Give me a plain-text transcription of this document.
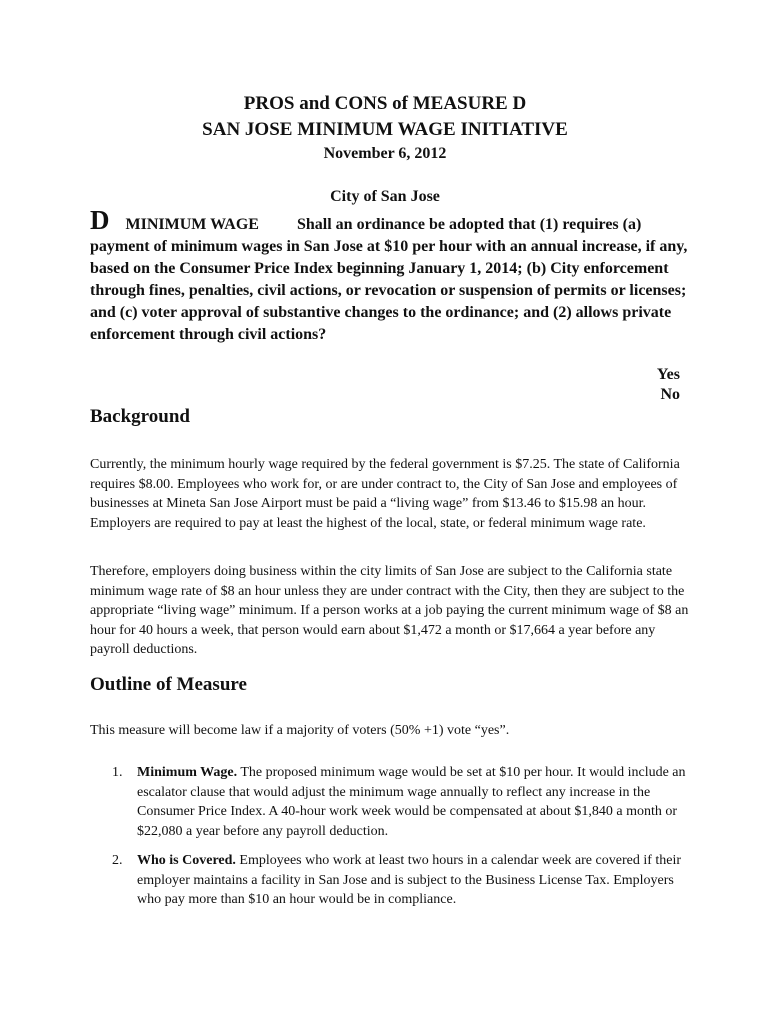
PROS and CONS of MEASURE D
SAN JOSE MINIMUM WAGE INITIATIVE
November 6, 2012
City of San Jose
D MINIMUM WAGE Shall an ordinance be adopted that (1) requires (a) payment of minimum wages in San Jose at $10 per hour with an annual increase, if any, based on the Consumer Price Index beginning January 1, 2014; (b) City enforcement through fines, penalties, civil actions, or revocation or suspension of permits or licenses; and (c) voter approval of substantive changes to the ordinance; and (2) allows private enforcement through civil actions?
Yes
No
Background
Currently, the minimum hourly wage required by the federal government is $7.25. The state of California requires $8.00. Employees who work for, or are under contract to, the City of San Jose and employees of businesses at Mineta San Jose Airport must be paid a “living wage” from $13.46 to $15.98 an hour. Employers are required to pay at least the highest of the local, state, or federal minimum wage rate.
Therefore, employers doing business within the city limits of San Jose are subject to the California state minimum wage rate of $8 an hour unless they are under contract with the City, then they are subject to the appropriate “living wage” minimum. If a person works at a job paying the current minimum wage of $8 an hour for 40 hours a week, that person would earn about $1,472 a month or $17,664 a year before any payroll deductions.
Outline of Measure
This measure will become law if a majority of voters (50% +1) vote “yes”.
1. Minimum Wage. The proposed minimum wage would be set at $10 per hour. It would include an escalator clause that would adjust the minimum wage annually to reflect any increase in the Consumer Price Index. A 40-hour work week would be compensated at about $1,840 a month or $22,080 a year before any payroll deduction.
2. Who is Covered. Employees who work at least two hours in a calendar week are covered if their employer maintains a facility in San Jose and is subject to the Business License Tax. Employers who pay more than $10 an hour would be in compliance.
